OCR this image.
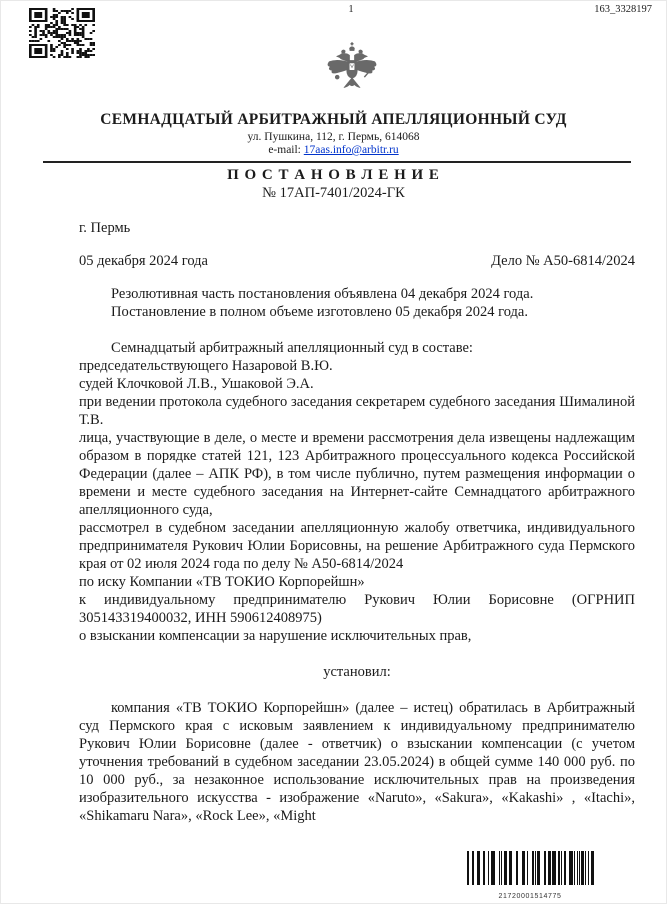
1	163_3328197
СЕМНАДЦАТЫЙ АРБИТРАЖНЫЙ АПЕЛЛЯЦИОННЫЙ СУД
ул. Пушкина, 112, г. Пермь, 614068
e-mail: 17aas.info@arbitr.ru
П О С Т А Н О В Л Е Н И Е
№ 17АП-7401/2024-ГК
г. Пермь
05 декабря 2024 года	Дело № А50-6814/2024

Резолютивная часть постановления объявлена 04 декабря 2024 года.

Постановление в полном объеме изготовлено 05 декабря 2024 года.

Семнадцатый арбитражный апелляционный суд в составе:

председательствующего Назаровой В.Ю.

судей Клочковой Л.В., Ушаковой Э.А.

при ведении протокола судебного заседания секретарем судебного заседания Шималиной Т.В.

лица, участвующие в деле, о месте и времени рассмотрения дела извещены надлежащим образом в порядке статей 121, 123 Арбитражного процессуального кодекса Российской Федерации (далее – АПК РФ), в том числе публично, путем размещения информации о времени и месте судебного заседания на Интернет-сайте Семнадцатого арбитражного апелляционного суда,

рассмотрел в судебном заседании апелляционную жалобу ответчика, индивидуального предпринимателя Рукович Юлии Борисовны, на решение Арбитражного суда Пермского края от 02 июля 2024 года по делу № А50-6814/2024

по иску Компании «ТВ ТОКИО Корпорейшн»

к индивидуальному предпринимателю Рукович Юлии Борисовне (ОГРНИП 305143319400032, ИНН 590612408975)

о взыскании компенсации за нарушение исключительных прав,

установил:

компания «ТВ ТОКИО Корпорейшн» (далее – истец) обратилась в Арбитражный суд Пермского края с исковым заявлением к индивидуальному предпринимателю Рукович Юлии Борисовне (далее - ответчик) о взыскании компенсации (с учетом уточнения требований в судебном заседании 23.05.2024) в общей сумме 140 000 руб. по 10 000 руб., за незаконное использование исключительных прав на произведения изобразительного искусства - изображение «Naruto», «Sakura», «Kakashi» , «Itachi», «Shikamaru Nara», «Rock Lee», «Might

21720001514775
